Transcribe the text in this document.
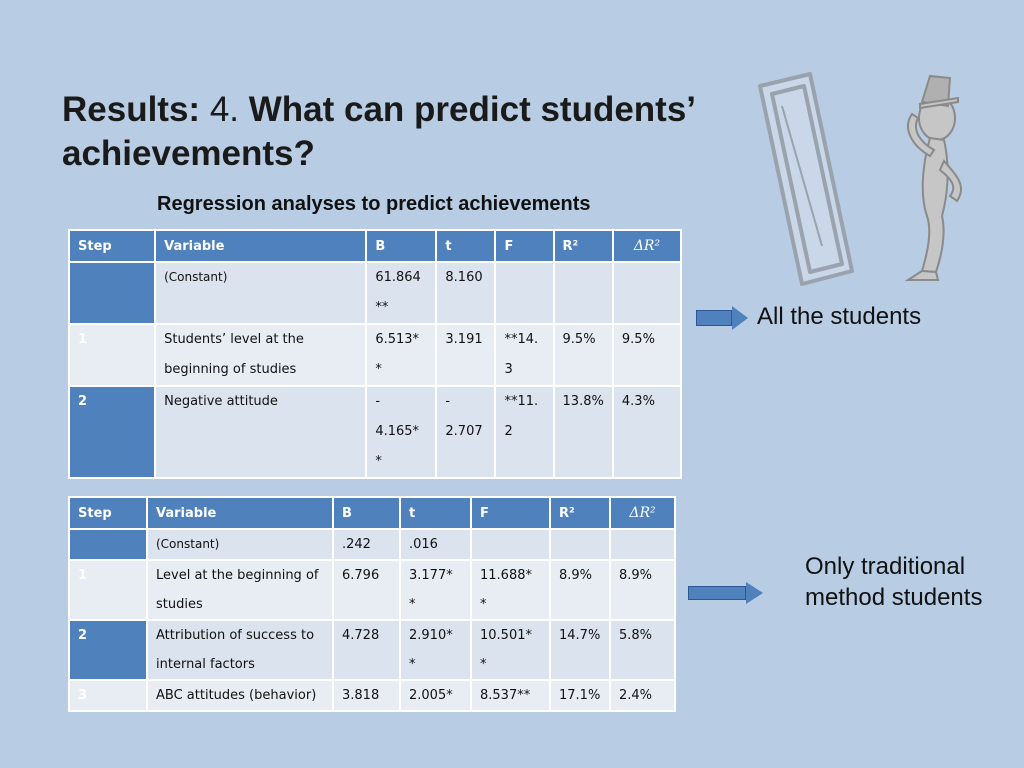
Results: 4. What can predict students’ achievements?
Regression analyses to predict achievements
Step	Variable	B	t	F	R²	ΔR²
	(Constant)	61.864 **	8.160			
1	Students’ level at the beginning of studies	6.513* *	3.191	**14. 3	9.5%	9.5%
2	Negative attitude	- 4.165* *	- 2.707	**11. 2	13.8%	4.3%
Step	Variable	B	t	F	R²	ΔR²
	(Constant)	.242	.016			
1	Level at the beginning of studies	6.796	3.177* *	11.688* *	8.9%	8.9%
2	Attribution of success to internal factors	4.728	2.910* *	10.501* *	14.7%	5.8%
3	ABC attitudes (behavior)	3.818	2.005*	8.537**	17.1%	2.4%
All the students
Only traditional method students
